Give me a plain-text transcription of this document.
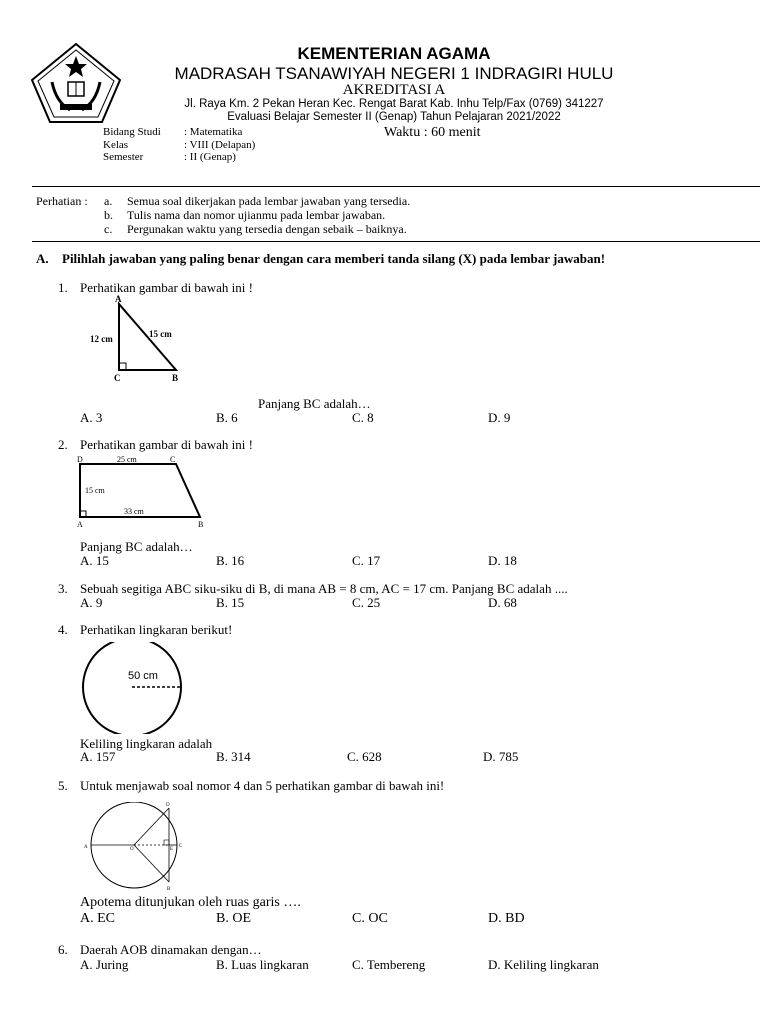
KEMENTERIAN AGAMA
MADRASAH TSANAWIYAH NEGERI 1 INDRAGIRI HULU
AKREDITASI A
Jl. Raya Km. 2 Pekan Heran Kec. Rengat Barat Kab. Inhu Telp/Fax (0769) 341227
Evaluasi Belajar Semester II (Genap) Tahun Pelajaran 2021/2022
Bidang Studi : Matematika
Kelas	: VIII (Delapan)
Semester	: II (Genap)
Waktu : 60 menit
Perhatian : a. Semua soal dikerjakan pada lembar jawaban yang tersedia.
b. Tulis nama dan nomor ujianmu pada lembar jawaban.
c. Pergunakan waktu yang tersedia dengan sebaik – baiknya.
A. Pilihlah jawaban yang paling benar dengan cara memberi tanda silang (X) pada lembar jawaban!
1. Perhatikan gambar di bawah ini !
A
C	B
12 cm	15 cm
Panjang BC adalah…
A. 3	B. 6	C. 8	D. 9
2. Perhatikan gambar di bawah ini !
D	C
A	B
25 cm
15 cm
33 cm
Panjang BC adalah…
A. 15	B. 16	C. 17	D. 18
3. Sebuah segitiga ABC siku-siku di B, di mana AB = 8 cm, AC = 17 cm. Panjang BC adalah ....
A. 9	B. 15	C. 25	D. 68
4. Perhatikan lingkaran berikut!
50 cm
Keliling lingkaran adalah
A. 157	B. 314	C. 628	D. 785
5. Untuk menjawab soal nomor 4 dan 5 perhatikan gambar di bawah ini!
A	O
D
C
E
B
Apotema ditunjukan oleh ruas garis ….
A. EC	B. OE	C. OC	D. BD
6. Daerah AOB dinamakan dengan…
A. Juring	B. Luas lingkaran	C. Tembereng	D. Keliling lingkaran
